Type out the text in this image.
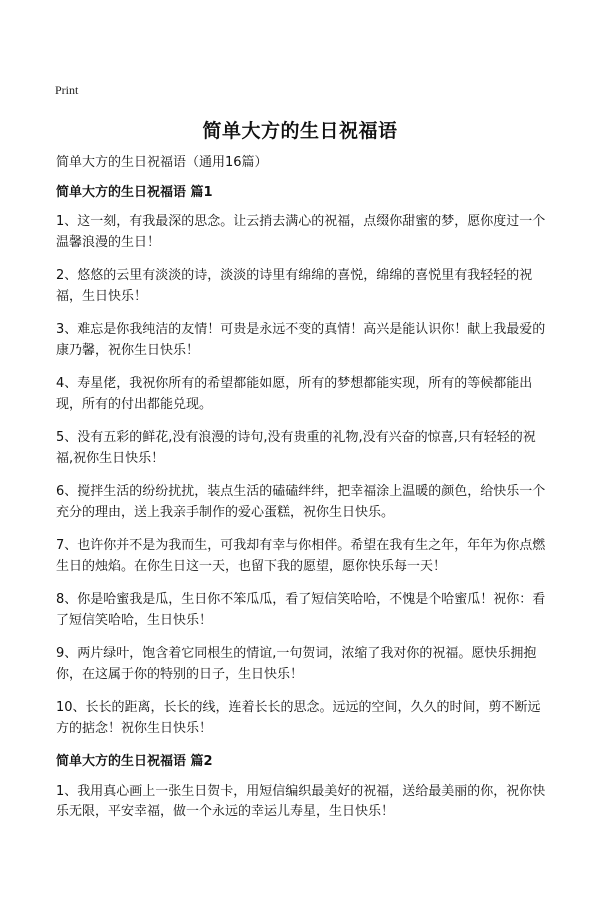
Print
简单大方的生日祝福语

简单大方的生日祝福语（通用16篇）

简单大方的生日祝福语 篇1

1、这一刻，有我最深的思念。让云捎去满心的祝福，点缀你甜蜜的梦，愿你度过一个温馨浪漫的生日！

2、悠悠的云里有淡淡的诗，淡淡的诗里有绵绵的喜悦，绵绵的喜悦里有我轻轻的祝福，生日快乐！

3、难忘是你我纯洁的友情！可贵是永远不变的真情！高兴是能认识你！献上我最爱的康乃馨，祝你生日快乐！

4、寿星佬，我祝你所有的希望都能如愿，所有的梦想都能实现，所有的等候都能出现，所有的付出都能兑现。

5、没有五彩的鲜花,没有浪漫的诗句,没有贵重的礼物,没有兴奋的惊喜,只有轻轻的祝福,祝你生日快乐！

6、搅拌生活的纷纷扰扰，装点生活的磕磕绊绊，把幸福涂上温暖的颜色，给快乐一个充分的理由，送上我亲手制作的爱心蛋糕，祝你生日快乐。

7、也许你并不是为我而生，可我却有幸与你相伴。希望在我有生之年，年年为你点燃生日的烛焰。在你生日这一天，也留下我的愿望，愿你快乐每一天！

8、你是哈蜜我是瓜，生日你不笨瓜瓜，看了短信笑哈哈，不愧是个哈蜜瓜！祝你：看了短信笑哈哈，生日快乐！

9、两片绿叶，饱含着它同根生的情谊,一句贺词，浓缩了我对你的祝福。愿快乐拥抱你，在这属于你的特别的日子，生日快乐！

10、长长的距离，长长的线，连着长长的思念。远远的空间，久久的时间，剪不断远方的掂念！祝你生日快乐！

简单大方的生日祝福语 篇2

1、我用真心画上一张生日贺卡，用短信编织最美好的祝福，送给最美丽的你，祝你快乐无限，平安幸福，做一个永远的幸运儿寿星，生日快乐！
